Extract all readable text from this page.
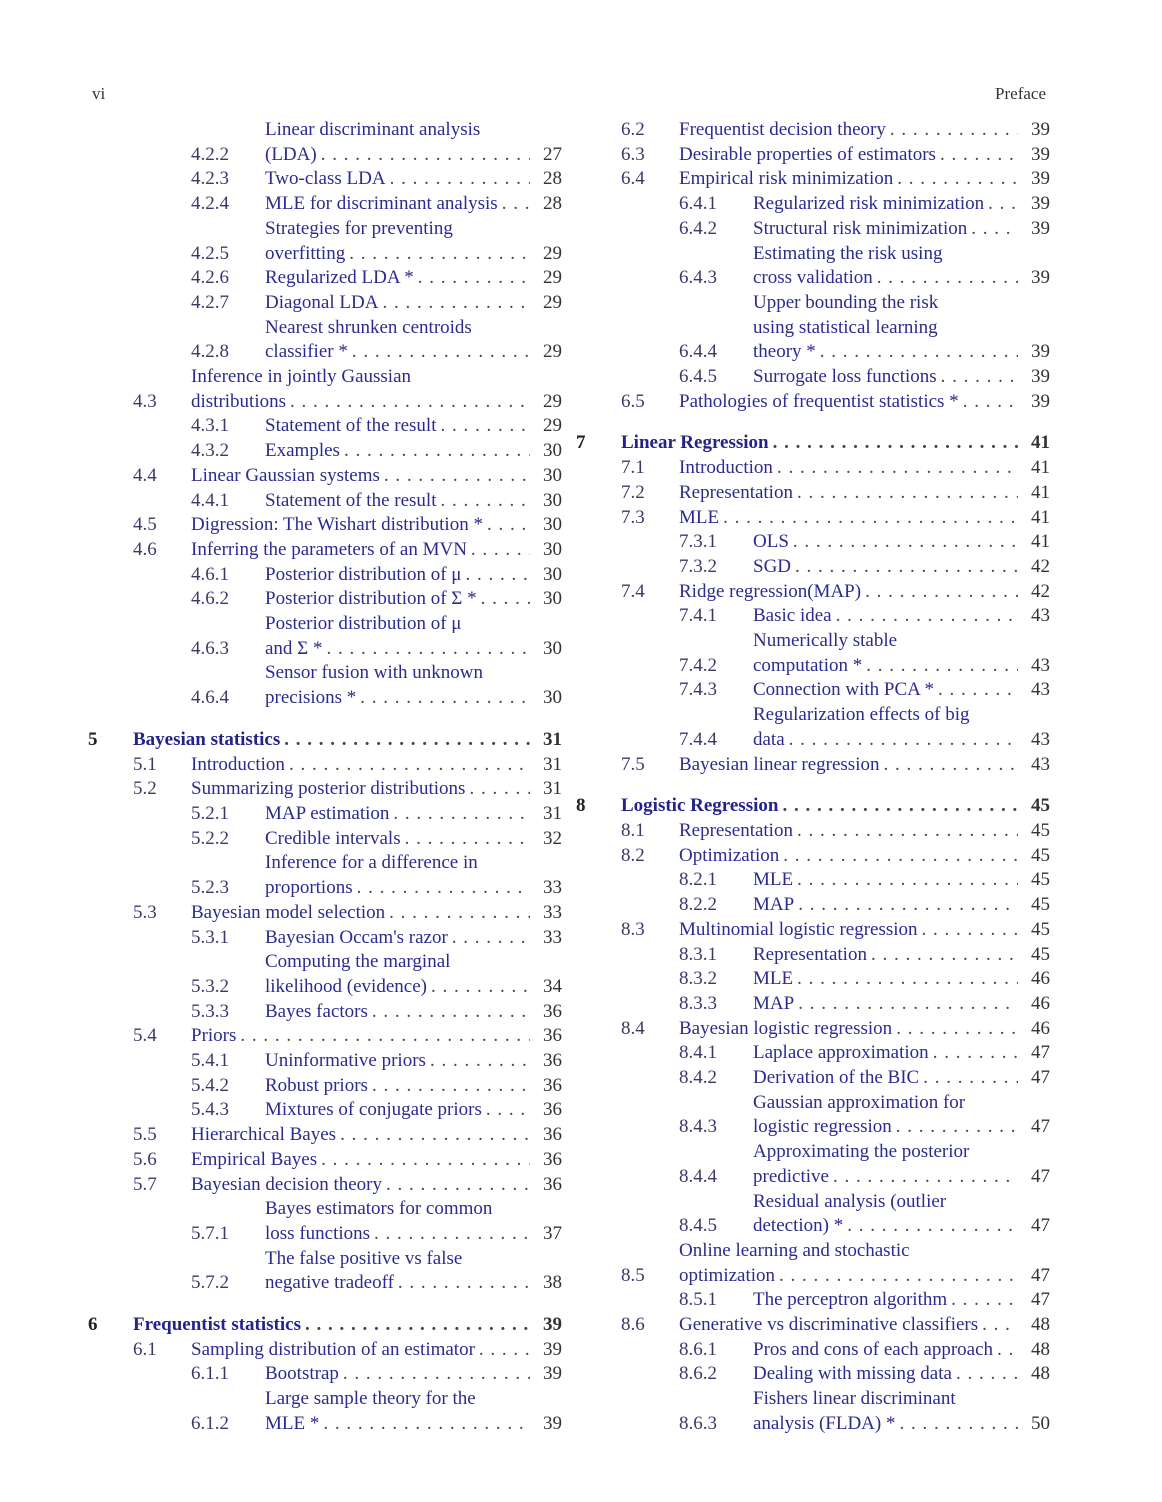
vi	Preface
4.2.2
Linear discriminant analysis
(LDA) . . .	27
4.2.3	Two-class LDA . . .	28
4.2.4	MLE for discriminant analysis . . .	28
4.2.5
Strategies for preventing
overfitting . . .	29
4.2.6	Regularized LDA * . . .	29
4.2.7	Diagonal LDA . . .	29
4.2.8
Nearest shrunken centroids
classifier * . . .	29
4.3
Inference in jointly Gaussian
distributions . . .	29
4.3.1	Statement of the result . . .	29
4.3.2	Examples . . .	30
4.4	Linear Gaussian systems . . .	30
4.4.1	Statement of the result . . .	30
4.5	Digression: The Wishart distribution * . . .	30
4.6	Inferring the parameters of an MVN . . .	30
4.6.1	Posterior distribution of μ . . .	30
4.6.2	Posterior distribution of Σ * . . .	30
4.6.3
Posterior distribution of μ
and Σ * . . .	30
4.6.4
Sensor fusion with unknown
precisions * . . .	30
5	Bayesian statistics . . .	31
5.1	Introduction . . .	31
5.2	Summarizing posterior distributions . . .	31
5.2.1	MAP estimation . . .	31
5.2.2	Credible intervals . . .	32
5.2.3
Inference for a difference in
proportions . . .	33
5.3	Bayesian model selection . . .	33
5.3.1	Bayesian Occam's razor . . .	33
5.3.2
Computing the marginal
likelihood (evidence) . . .	34
5.3.3	Bayes factors . . .	36
5.4	Priors . . .	36
5.4.1	Uninformative priors . . .	36
5.4.2	Robust priors . . .	36
5.4.3	Mixtures of conjugate priors . . .	36
5.5	Hierarchical Bayes . . .	36
5.6	Empirical Bayes . . .	36
5.7	Bayesian decision theory . . .	36
5.7.1
Bayes estimators for common
loss functions . . .	37
5.7.2
The false positive vs false
negative tradeoff . . .	38
6	Frequentist statistics . . .	39
6.1	Sampling distribution of an estimator . . .	39
6.1.1	Bootstrap . . .	39
6.1.2
Large sample theory for the
MLE * . . .	39
6.2	Frequentist decision theory . . .	39
6.3	Desirable properties of estimators . . .	39
6.4	Empirical risk minimization . . .	39
6.4.1	Regularized risk minimization . . .	39
6.4.2	Structural risk minimization . . .	39
6.4.3
Estimating the risk using
cross validation . . .	39
6.4.4
Upper bounding the risk
using statistical learning
theory * . . .	39
6.4.5	Surrogate loss functions . . .	39
6.5	Pathologies of frequentist statistics * . . .	39
7	Linear Regression . . .	41
7.1	Introduction . . .	41
7.2	Representation . . .	41
7.3	MLE . . .	41
7.3.1	OLS . . .	41
7.3.2	SGD . . .	42
7.4	Ridge regression(MAP) . . .	42
7.4.1	Basic idea . . .	43
7.4.2
Numerically stable
computation * . . .	43
7.4.3	Connection with PCA * . . .	43
7.4.4
Regularization effects of big
data . . .	43
7.5	Bayesian linear regression . . .	43
8	Logistic Regression . . .	45
8.1	Representation . . .	45
8.2	Optimization . . .	45
8.2.1	MLE . . .	45
8.2.2	MAP . . .	45
8.3	Multinomial logistic regression . . .	45
8.3.1	Representation . . .	45
8.3.2	MLE . . .	46
8.3.3	MAP . . .	46
8.4	Bayesian logistic regression . . .	46
8.4.1	Laplace approximation . . .	47
8.4.2	Derivation of the BIC . . .	47
8.4.3
Gaussian approximation for
logistic regression . . .	47
8.4.4
Approximating the posterior
predictive . . .	47
8.4.5
Residual analysis (outlier
detection) * . . .	47
8.5
Online learning and stochastic
optimization . . .	47
8.5.1	The perceptron algorithm . . .	47
8.6	Generative vs discriminative classifiers . . .	48
8.6.1	Pros and cons of each approach . . .	48
8.6.2	Dealing with missing data . . .	48
8.6.3
Fishers linear discriminant
analysis (FLDA) * . . .	50
